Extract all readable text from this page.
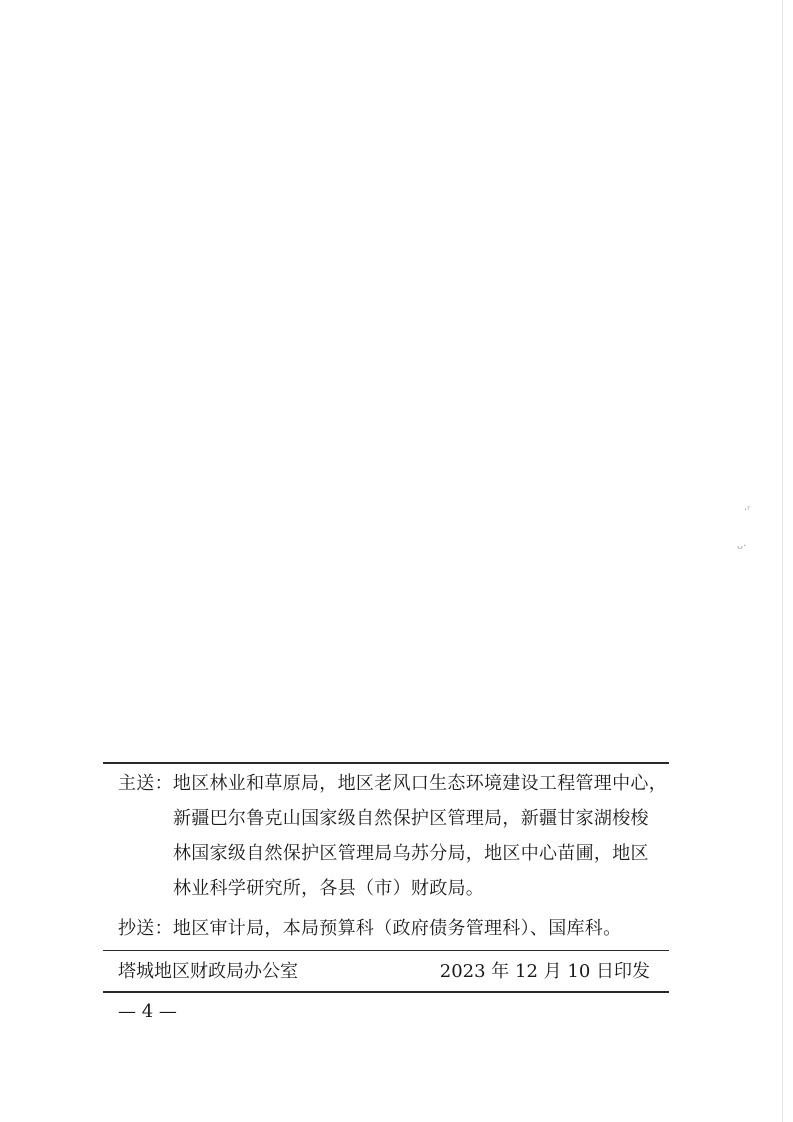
·ʳ
ᴗ·
主送：地区林业和草原局，地区老风口生态环境建设工程管理中心，
新疆巴尔鲁克山国家级自然保护区管理局，新疆甘家湖梭梭
林国家级自然保护区管理局乌苏分局，地区中心苗圃，地区
林业科学研究所，各县（市）财政局。
抄送：地区审计局，本局预算科（政府债务管理科）、国库科。
塔城地区财政局办公室	2023 年 12 月 10 日印发
— 4 —
